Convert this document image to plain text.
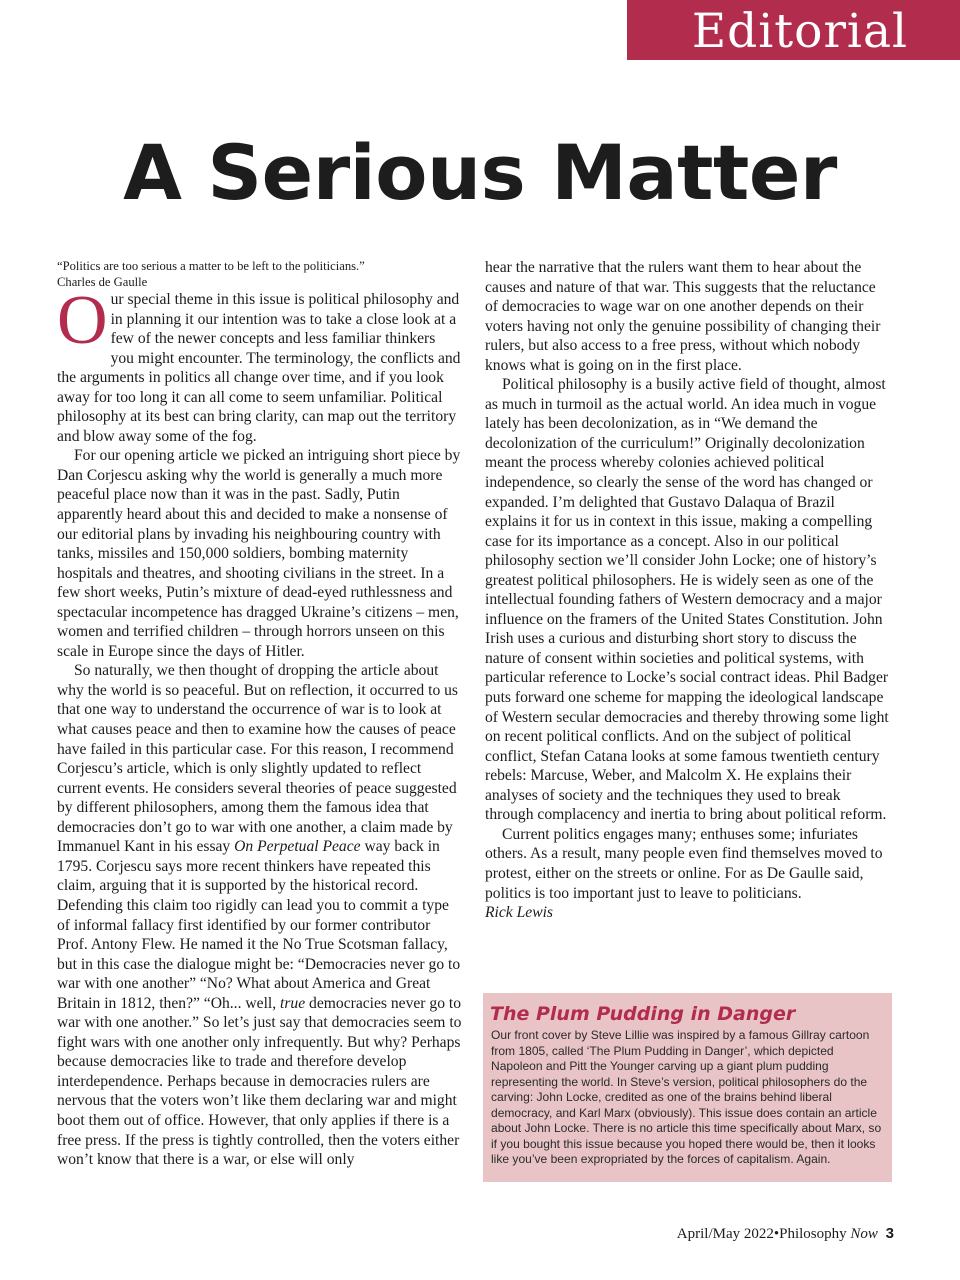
Editorial
A Serious Matter

“Politics are too serious a matter to be left to the politicians.”

Charles de Gaulle

Our special theme in this issue is political philosophy and in planning it our intention was to take a close look at a few of the newer concepts and less familiar thinkers you might encounter. The terminology, the conflicts and the arguments in politics all change over time, and if you look away for too long it can all come to seem unfamiliar. Political philosophy at its best can bring clarity, can map out the territory and blow away some of the fog.

For our opening article we picked an intriguing short piece by Dan Corjescu asking why the world is generally a much more peaceful place now than it was in the past. Sadly, Putin apparently heard about this and decided to make a nonsense of our editorial plans by invading his neighbouring country with tanks, missiles and 150,000 soldiers, bombing maternity hospitals and theatres, and shooting civilians in the street. In a few short weeks, Putin’s mixture of dead-eyed ruthlessness and spectacular incompetence has dragged Ukraine’s citizens – men, women and terrified children – through horrors unseen on this scale in Europe since the days of Hitler.

So naturally, we then thought of dropping the article about why the world is so peaceful. But on reflection, it occurred to us that one way to understand the occurrence of war is to look at what causes peace and then to examine how the causes of peace have failed in this particular case. For this reason, I recommend Corjescu’s article, which is only slightly updated to reflect current events. He considers several theories of peace suggested by different philosophers, among them the famous idea that democracies don’t go to war with one another, a claim made by Immanuel Kant in his essay On Perpetual Peace way back in 1795. Corjescu says more recent thinkers have repeated this claim, arguing that it is supported by the historical record. Defending this claim too rigidly can lead you to commit a type of informal fallacy first identified by our former contributor Prof. Antony Flew. He named it the No True Scotsman fallacy, but in this case the dialogue might be: “Democracies never go to war with one another” “No? What about America and Great Britain in 1812, then?” “Oh... well, true democracies never go to war with one another.” So let’s just say that democracies seem to fight wars with one another only infrequently. But why? Perhaps because democracies like to trade and therefore develop interdependence. Perhaps because in democracies rulers are nervous that the voters won’t like them declaring war and might boot them out of office. However, that only applies if there is a free press. If the press is tightly controlled, then the voters either won’t know that there is a war, or else will only

hear the narrative that the rulers want them to hear about the causes and nature of that war. This suggests that the reluctance of democracies to wage war on one another depends on their voters having not only the genuine possibility of changing their rulers, but also access to a free press, without which nobody knows what is going on in the first place.

Political philosophy is a busily active field of thought, almost as much in turmoil as the actual world. An idea much in vogue lately has been decolonization, as in “We demand the decolonization of the curriculum!” Originally decolonization meant the process whereby colonies achieved political independence, so clearly the sense of the word has changed or expanded. I’m delighted that Gustavo Dalaqua of Brazil explains it for us in context in this issue, making a compelling case for its importance as a concept. Also in our political philosophy section we’ll consider John Locke; one of history’s greatest political philosophers. He is widely seen as one of the intellectual founding fathers of Western democracy and a major influence on the framers of the United States Constitution. John Irish uses a curious and disturbing short story to discuss the nature of consent within societies and political systems, with particular reference to Locke’s social contract ideas. Phil Badger puts forward one scheme for mapping the ideological landscape of Western secular democracies and thereby throwing some light on recent political conflicts. And on the subject of political conflict, Stefan Catana looks at some famous twentieth century rebels: Marcuse, Weber, and Malcolm X. He explains their analyses of society and the techniques they used to break through complacency and inertia to bring about political reform.

Current politics engages many; enthuses some; infuriates others. As a result, many people even find themselves moved to protest, either on the streets or online. For as De Gaulle said, politics is too important just to leave to politicians.

Rick Lewis

The Plum Pudding in Danger

Our front cover by Steve Lillie was inspired by a famous Gillray cartoon from 1805, called ‘The Plum Pudding in Danger’, which depicted Napoleon and Pitt the Younger carving up a giant plum pudding representing the world. In Steve’s version, political philosophers do the carving: John Locke, credited as one of the brains behind liberal democracy, and Karl Marx (obviously). This issue does contain an article about John Locke. There is no article this time specifically about Marx, so if you bought this issue because you hoped there would be, then it looks like you’ve been expropriated by the forces of capitalism. Again.

April/May 2022•Philosophy Now 3
